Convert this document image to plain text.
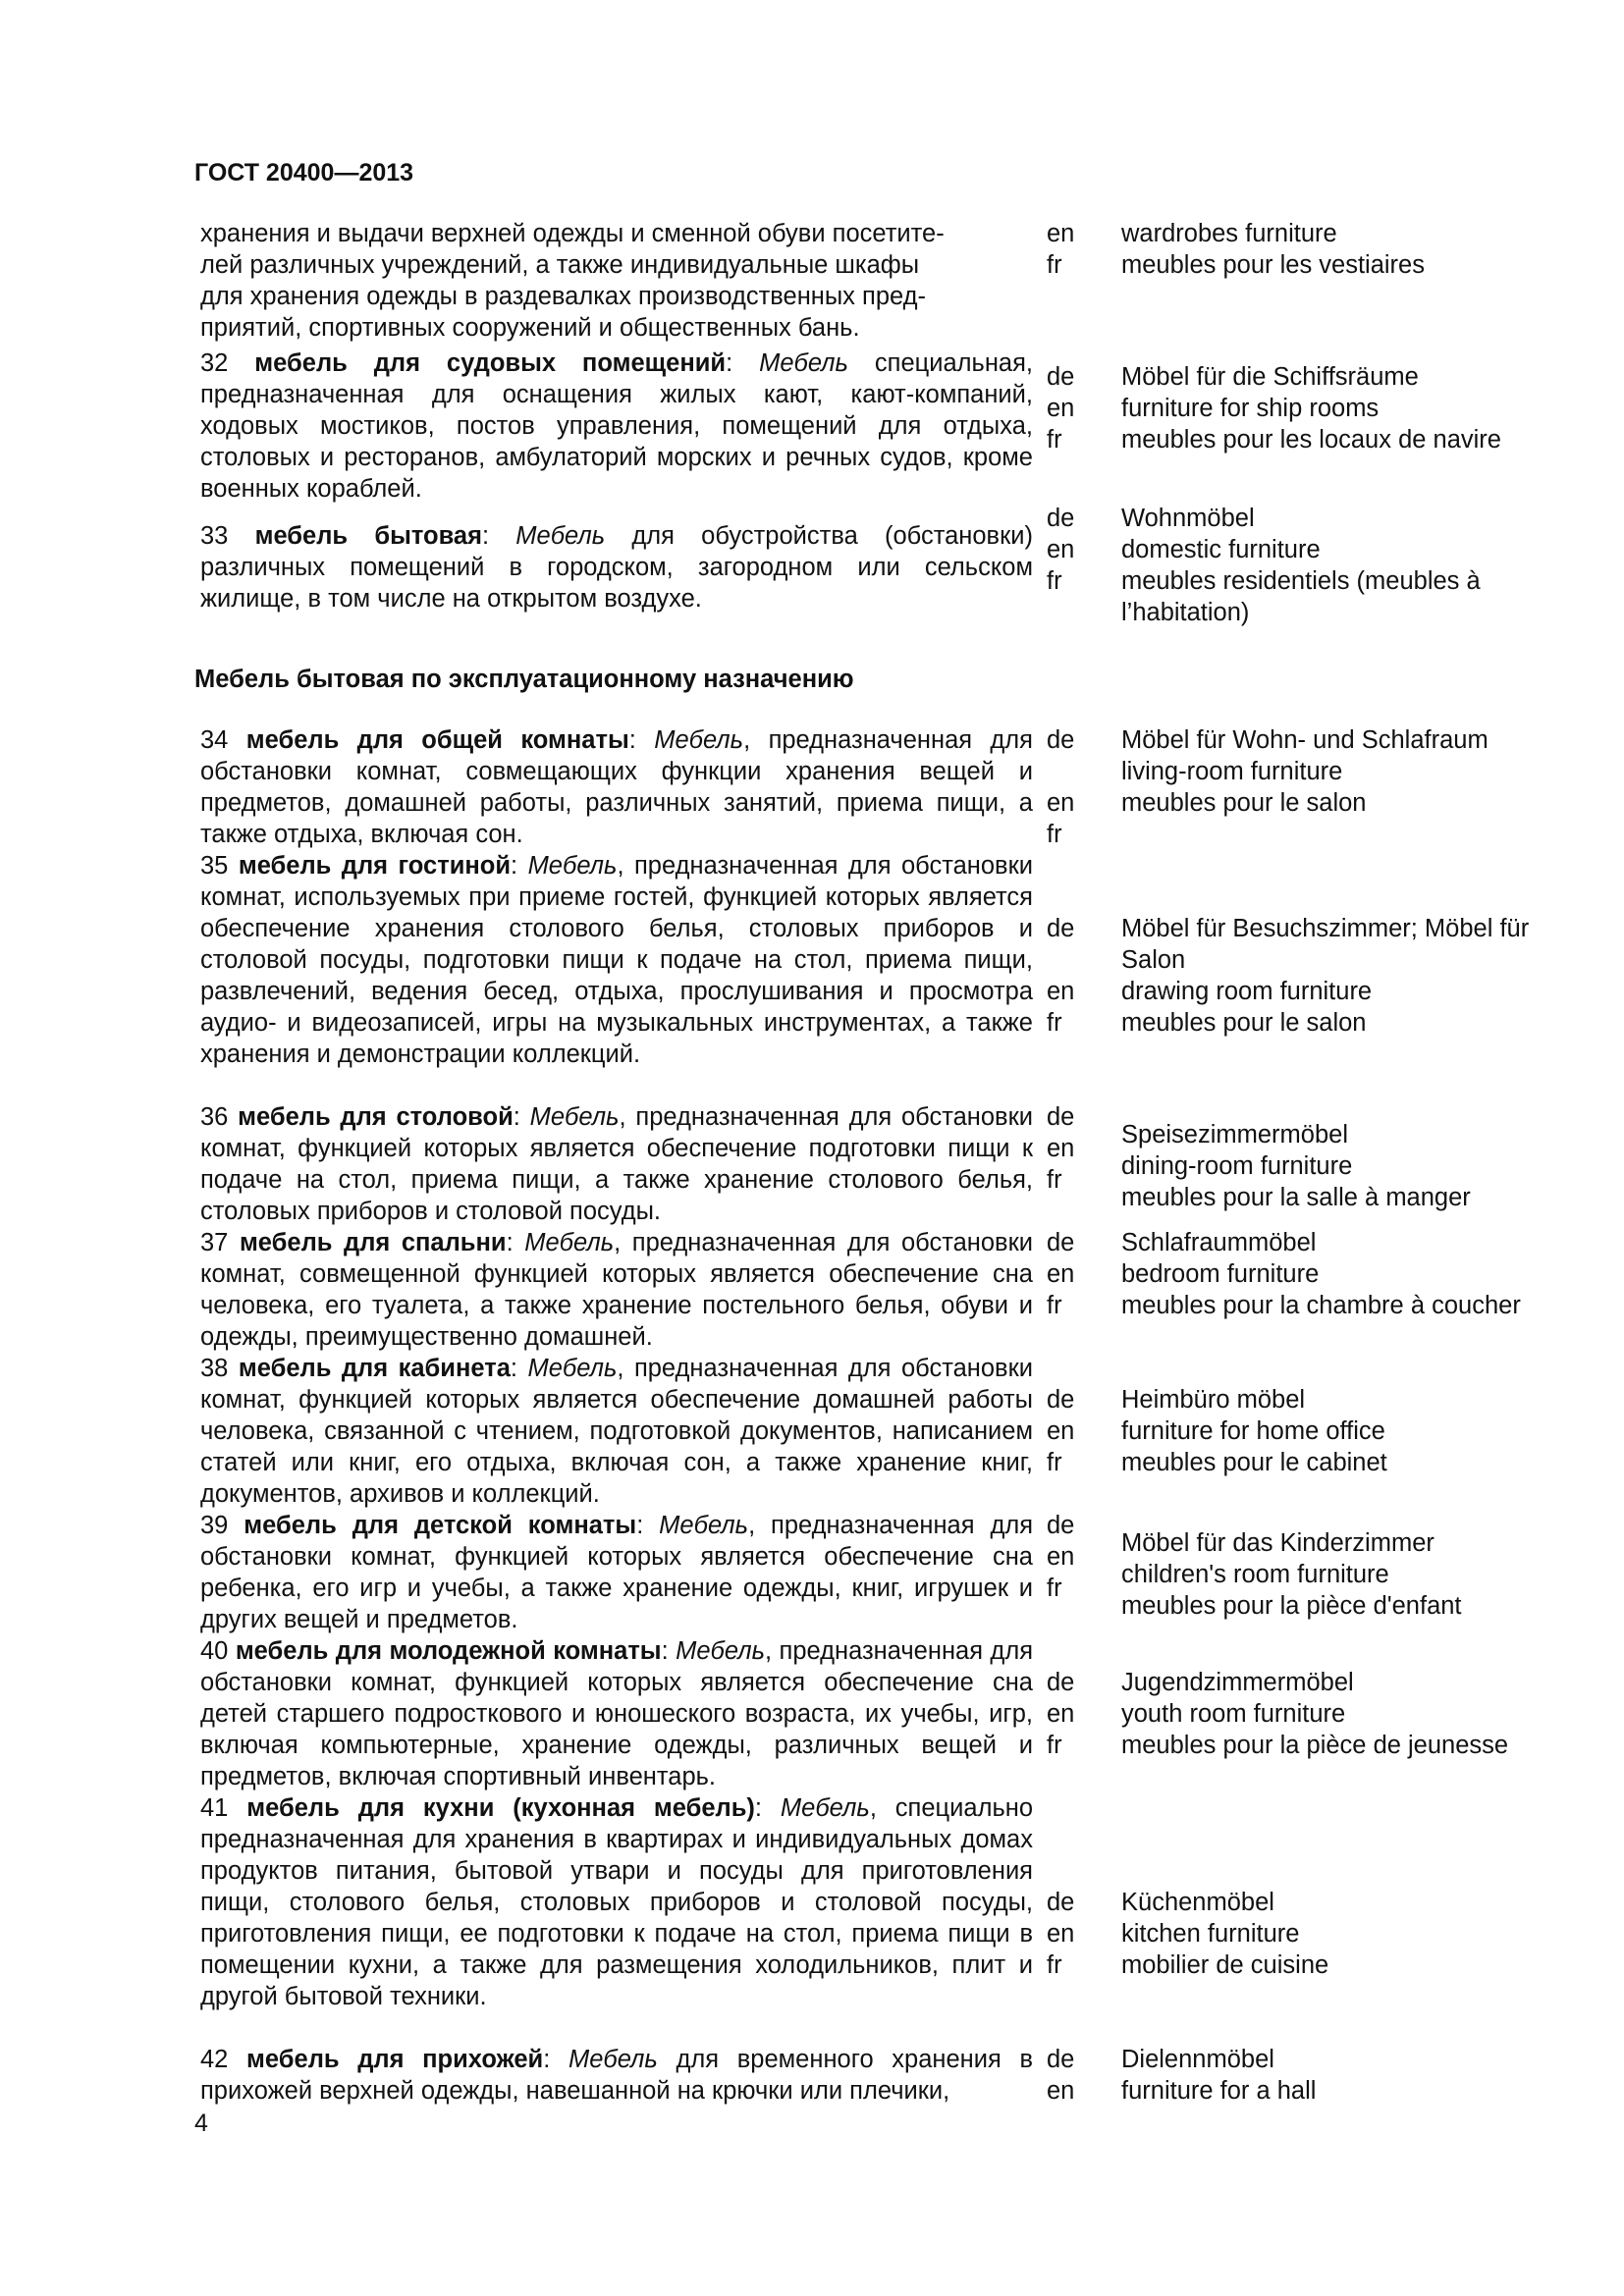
ГОСТ 20400—2013
хранения и выдачи верхней одежды и сменной обуви посетите-
лей различных учреждений, а также индивидуальные шкафы
для хранения одежды в раздевалках производственных пред-
приятий, спортивных сооружений и общественных бань.
en
fr
wardrobes furniture
meubles pour les vestiaires
32 мебель для судовых помещений: Мебель специальная, предназначенная для оснащения жилых кают, кают-компаний, ходовых мостиков, постов управления, помещений для отдыха, столовых и ресторанов, амбулаторий морских и речных судов, кроме военных кораблей.
de
en
fr
Möbel für die Schiffsräume
furniture for ship rooms
meubles pour les locaux de navire
33 мебель бытовая: Мебель для обустройства (обстановки) различных помещений в городском, загородном или сельском жилище, в том числе на открытом воздухе.
de
en
fr
Wohnmöbel
domestic furniture
meubles residentiels (meubles à l’habitation)
Мебель бытовая по эксплуатационному назначению
34 мебель для общей комнаты: Мебель, предназначенная для обстановки комнат, совмещающих функции хранения вещей и предметов, домашней работы, различных занятий, приема пищи, а также отдыха, включая сон.
de
en
fr
Möbel für Wohn- und Schlafraum
living-room furniture
meubles pour le salon
35 мебель для гостиной: Мебель, предназначенная для обстановки комнат, используемых при приеме гостей, функцией которых является обеспечение хранения столового белья, столовых приборов и столовой посуды, подготовки пищи к подаче на стол, приема пищи, развлечений, ведения бесед, отдыха, прослушивания и просмотра аудио- и видеозаписей, игры на музыкальных инструментах, а также хранения и демонстрации коллекций.
de
en
fr
Möbel für Besuchszimmer; Möbel für Salon
drawing room furniture
meubles pour le salon
36 мебель для столовой: Мебель, предназначенная для обстановки комнат, функцией которых является обеспечение подготовки пищи к подаче на стол, приема пищи, а также хранение столового белья, столовых приборов и столовой посуды.
de
en
fr
Speisezimmermöbel
dining-room furniture
meubles pour la salle à manger
37 мебель для спальни: Мебель, предназначенная для обстановки комнат, совмещенной функцией которых является обеспечение сна человека, его туалета, а также хранение постельного белья, обуви и одежды, преимущественно домашней.
de
en
fr
Schlafraummöbel
bedroom furniture
meubles pour la chambre à coucher
38 мебель для кабинета: Мебель, предназначенная для обстановки комнат, функцией которых является обеспечение домашней работы человека, связанной с чтением, подготовкой документов, написанием статей или книг, его отдыха, включая сон, а также хранение книг, документов, архивов и коллекций.
de
en
fr
Heimbüro möbel
furniture for home office
meubles pour le cabinet
39 мебель для детской комнаты: Мебель, предназначенная для обстановки комнат, функцией которых является обеспечение сна ребенка, его игр и учебы, а также хранение одежды, книг, игрушек и других вещей и предметов.
de
en
fr
Möbel für das Kinderzimmer
children's room furniture
meubles pour la pièce d'enfant
40 мебель для молодежной комнаты: Мебель, предназначенная для обстановки комнат, функцией которых является обеспечение сна детей старшего подросткового и юношеского возраста, их учебы, игр, включая компьютерные, хранение одежды, различных вещей и предметов, включая спортивный инвентарь.
de
en
fr
Jugendzimmermöbel
youth room furniture
meubles pour la pièce de jeunesse
41 мебель для кухни (кухонная мебель): Мебель, специально предназначенная для хранения в квартирах и индивидуальных домах продуктов питания, бытовой утвари и посуды для приготовления пищи, столового белья, столовых приборов и столовой посуды, приготовления пищи, ее подготовки к подаче на стол, приема пищи в помещении кухни, а также для размещения холодильников, плит и другой бытовой техники.
de
en
fr
Küchenmöbel
kitchen furniture
mobilier de cuisine
42 мебель для прихожей: Мебель для временного хранения в прихожей верхней одежды, навешанной на крючки или плечики,
de
en
Dielennmöbel
furniture for a hall
4
